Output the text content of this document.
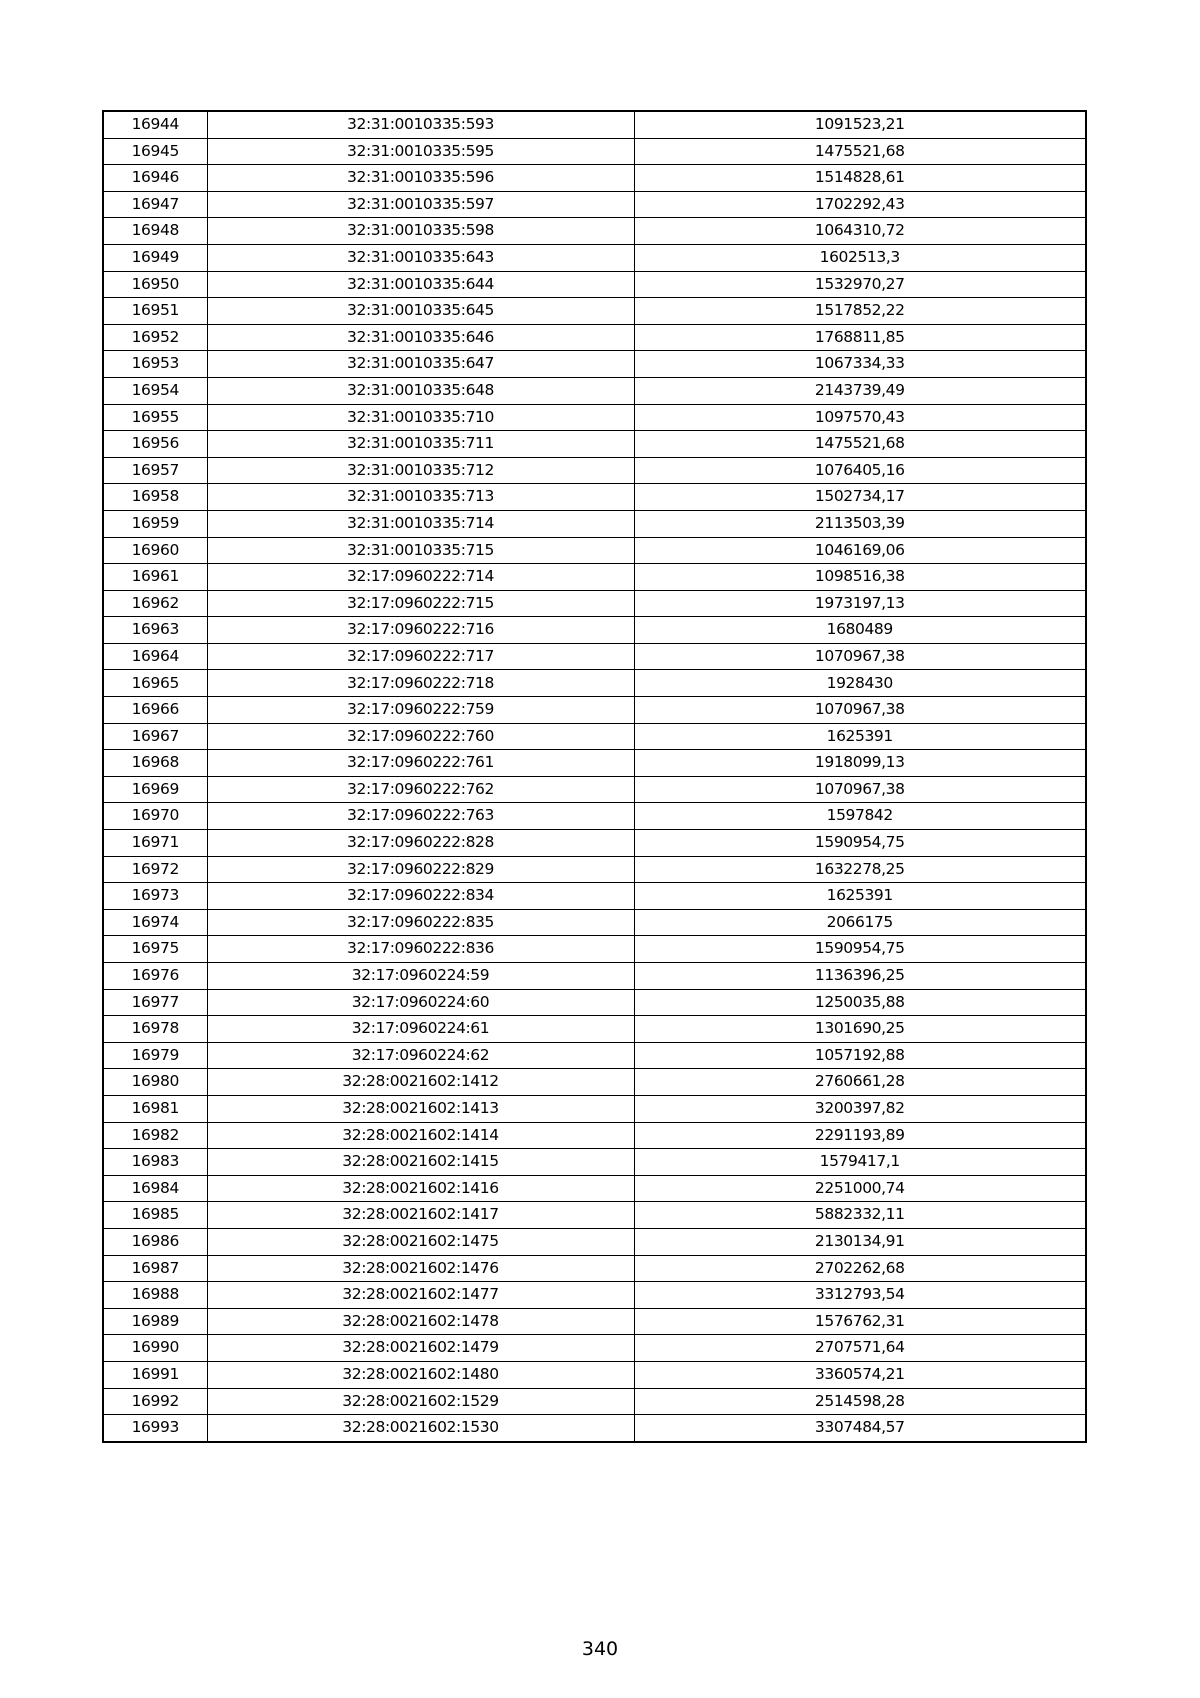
16944	32:31:0010335:593	1091523,21
16945	32:31:0010335:595	1475521,68
16946	32:31:0010335:596	1514828,61
16947	32:31:0010335:597	1702292,43
16948	32:31:0010335:598	1064310,72
16949	32:31:0010335:643	1602513,3
16950	32:31:0010335:644	1532970,27
16951	32:31:0010335:645	1517852,22
16952	32:31:0010335:646	1768811,85
16953	32:31:0010335:647	1067334,33
16954	32:31:0010335:648	2143739,49
16955	32:31:0010335:710	1097570,43
16956	32:31:0010335:711	1475521,68
16957	32:31:0010335:712	1076405,16
16958	32:31:0010335:713	1502734,17
16959	32:31:0010335:714	2113503,39
16960	32:31:0010335:715	1046169,06
16961	32:17:0960222:714	1098516,38
16962	32:17:0960222:715	1973197,13
16963	32:17:0960222:716	1680489
16964	32:17:0960222:717	1070967,38
16965	32:17:0960222:718	1928430
16966	32:17:0960222:759	1070967,38
16967	32:17:0960222:760	1625391
16968	32:17:0960222:761	1918099,13
16969	32:17:0960222:762	1070967,38
16970	32:17:0960222:763	1597842
16971	32:17:0960222:828	1590954,75
16972	32:17:0960222:829	1632278,25
16973	32:17:0960222:834	1625391
16974	32:17:0960222:835	2066175
16975	32:17:0960222:836	1590954,75
16976	32:17:0960224:59	1136396,25
16977	32:17:0960224:60	1250035,88
16978	32:17:0960224:61	1301690,25
16979	32:17:0960224:62	1057192,88
16980	32:28:0021602:1412	2760661,28
16981	32:28:0021602:1413	3200397,82
16982	32:28:0021602:1414	2291193,89
16983	32:28:0021602:1415	1579417,1
16984	32:28:0021602:1416	2251000,74
16985	32:28:0021602:1417	5882332,11
16986	32:28:0021602:1475	2130134,91
16987	32:28:0021602:1476	2702262,68
16988	32:28:0021602:1477	3312793,54
16989	32:28:0021602:1478	1576762,31
16990	32:28:0021602:1479	2707571,64
16991	32:28:0021602:1480	3360574,21
16992	32:28:0021602:1529	2514598,28
16993	32:28:0021602:1530	3307484,57
340
